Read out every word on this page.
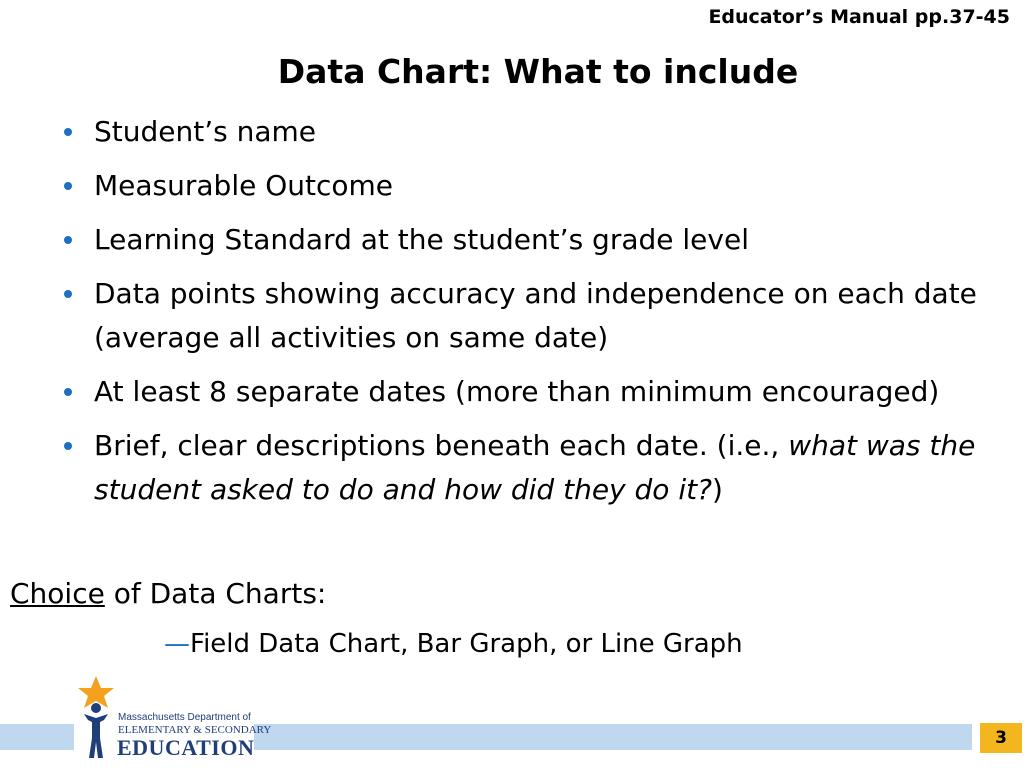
Educator’s Manual pp.37-45
Data Chart: What to include
Student’s name
Measurable Outcome
Learning Standard at the student’s grade level
Data points showing accuracy and independence on each date (average all activities on same date)
At least 8 separate dates (more than minimum encouraged)
Brief, clear descriptions beneath each date. (i.e., what was the student asked to do and how did they do it?)
Choice of Data Charts:
—Field Data Chart, Bar Graph, or Line Graph
Massachusetts Department of
ELEMENTARY & SECONDARY
EDUCATION	3
